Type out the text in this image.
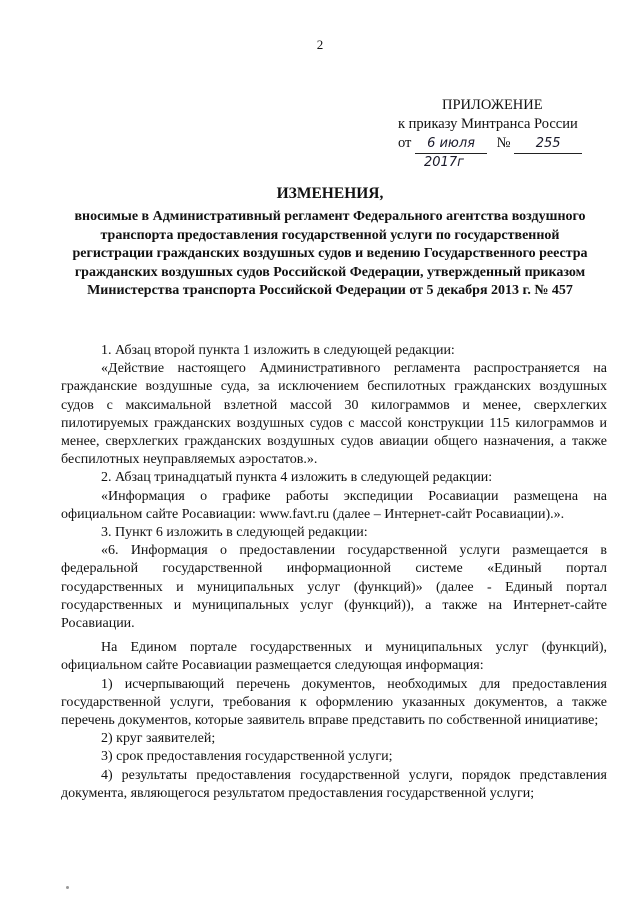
2
ПРИЛОЖЕНИЕ
к приказу Минтранса России
от 6 июля № 255
2017г
ИЗМЕНЕНИЯ,
вносимые в Административный регламент Федерального агентства воздушного транспорта предоставления государственной услуги по государственной регистрации гражданских воздушных судов и ведению Государственного реестра гражданских воздушных судов Российской Федерации, утвержденный приказом Министерства транспорта Российской Федерации от 5 декабря 2013 г. № 457

1. Абзац второй пункта 1 изложить в следующей редакции:

«Действие настоящего Административного регламента распространяется на гражданские воздушные суда, за исключением беспилотных гражданских воздушных судов с максимальной взлетной массой 30 килограммов и менее, сверхлегких пилотируемых гражданских воздушных судов с массой конструкции 115 килограммов и менее, сверхлегких гражданских воздушных судов авиации общего назначения, а также беспилотных неуправляемых аэростатов.».

2. Абзац тринадцатый пункта 4 изложить в следующей редакции:

«Информация о графике работы экспедиции Росавиации размещена на официальном сайте Росавиации: www.favt.ru (далее – Интернет-сайт Росавиации).».

3. Пункт 6 изложить в следующей редакции:

«6. Информация о предоставлении государственной услуги размещается в федеральной государственной информационной системе «Единый портал государственных и муниципальных услуг (функций)» (далее - Единый портал государственных и муниципальных услуг (функций)), а также на Интернет-сайте Росавиации.

На Едином портале государственных и муниципальных услуг (функций), официальном сайте Росавиации размещается следующая информация:

1) исчерпывающий перечень документов, необходимых для предоставления государственной услуги, требования к оформлению указанных документов, а также перечень документов, которые заявитель вправе представить по собственной инициативе;

2) круг заявителей;

3) срок предоставления государственной услуги;

4) результаты предоставления государственной услуги, порядок представления документа, являющегося результатом предоставления государственной услуги;
